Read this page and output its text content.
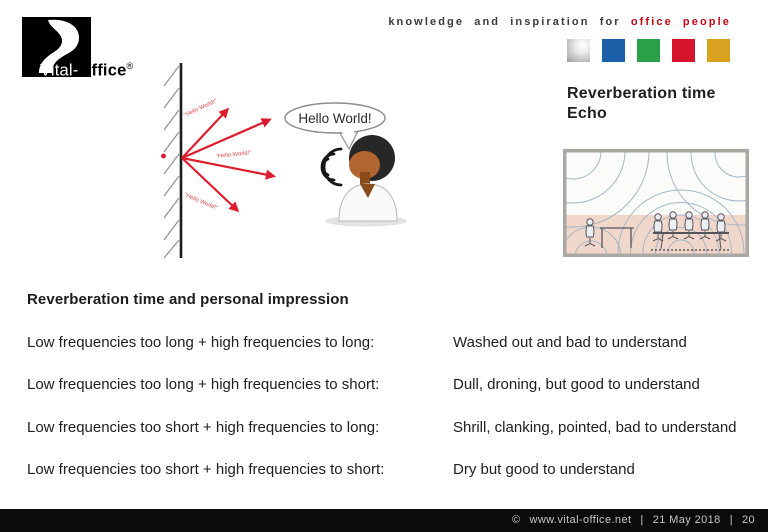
Vital-Office®
knowledge and inspiration for office people
Reverberation time
Echo
"Hello World!"
"Hello World!"
"Hello World!"
Hello World!
Reverberation time and personal impression
Low frequencies too long + high frequencies to long:	Washed out and bad to understand
Low frequencies too long + high frequencies to short:	Dull, droning, but good to understand
Low frequencies too short + high frequencies to long:	Shrill, clanking, pointed, bad to understand
Low frequencies too short + high frequencies to short:	Dry but good to understand
© www.vital-office.net | 21 May 2018 | 20
